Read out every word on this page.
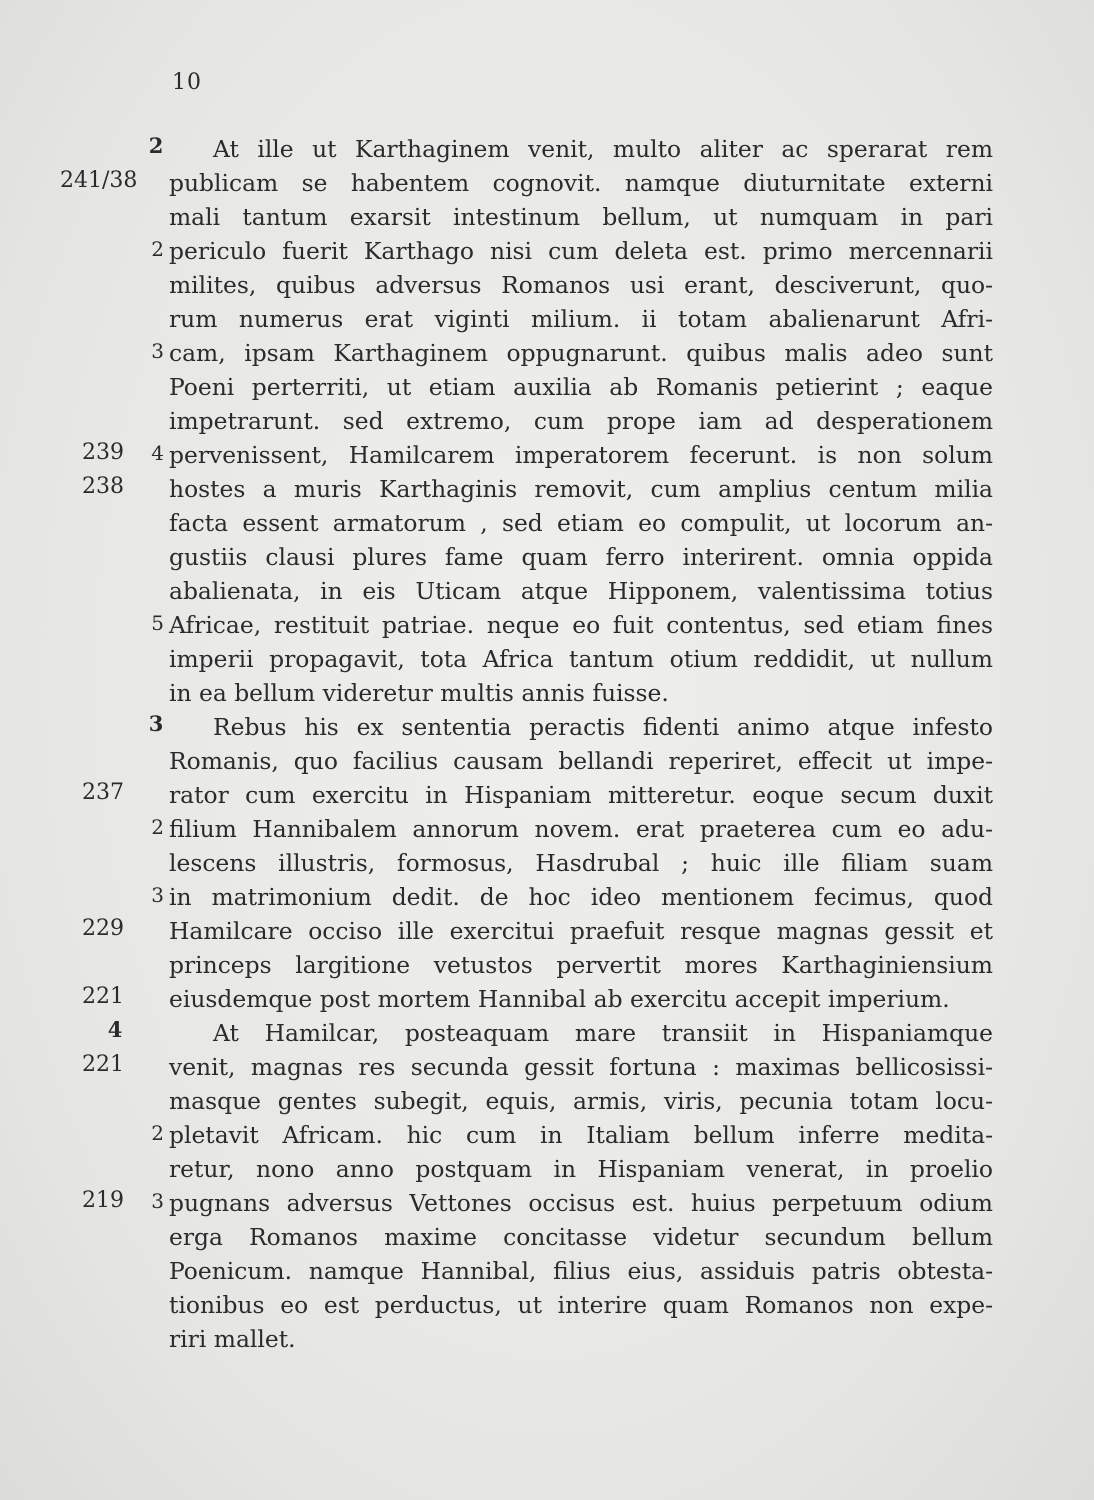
10
2	At ille ut Karthaginem venit, multo aliter ac sperarat rem
241/38 publicam se habentem cognovit. namque diuturnitate externi
mali tantum exarsit intestinum bellum, ut numquam in pari
2 periculo fuerit Karthago nisi cum deleta est. primo mercennarii
milites, quibus adversus Romanos usi erant, desciverunt, quo-
rum numerus erat viginti milium. ii totam abalienarunt Afri-
3 cam, ipsam Karthaginem oppugnarunt. quibus malis adeo sunt
Poeni perterriti, ut etiam auxilia ab Romanis petierint ; eaque
impetrarunt. sed extremo, cum prope iam ad desperationem
239	4 pervenissent, Hamilcarem imperatorem fecerunt. is non solum
238 hostes a muris Karthaginis removit, cum amplius centum milia
facta essent armatorum , sed etiam eo compulit, ut locorum an-
gustiis clausi plures fame quam ferro interirent. omnia oppida
abalienata, in eis Uticam atque Hipponem, valentissima totius
5 Africae, restituit patriae. neque eo fuit contentus, sed etiam fines
imperii propagavit, tota Africa tantum otium reddidit, ut nullum
in ea bellum videretur multis annis fuisse.
3	Rebus his ex sententia peractis fidenti animo atque infesto
Romanis, quo facilius causam bellandi reperiret, effecit ut impe-
237 rator cum exercitu in Hispaniam mitteretur. eoque secum duxit
2 filium Hannibalem annorum novem. erat praeterea cum eo adu-
lescens illustris, formosus, Hasdrubal ; huic ille filiam suam
3 in matrimonium dedit. de hoc ideo mentionem fecimus, quod
229 Hamilcare occiso ille exercitui praefuit resque magnas gessit et
princeps largitione vetustos pervertit mores Karthaginiensium
221 eiusdemque post mortem Hannibal ab exercitu accepit imperium.
4	At Hamilcar, posteaquam mare transiit in Hispaniamque
221 venit, magnas res secunda gessit fortuna : maximas bellicosissi-
masque gentes subegit, equis, armis, viris, pecunia totam locu-
2 pletavit Africam. hic cum in Italiam bellum inferre medita-
retur, nono anno postquam in Hispaniam venerat, in proelio
219	3 pugnans adversus Vettones occisus est. huius perpetuum odium
erga Romanos maxime concitasse videtur secundum bellum
Poenicum. namque Hannibal, filius eius, assiduis patris obtesta-
tionibus eo est perductus, ut interire quam Romanos non expe-
riri mallet.
